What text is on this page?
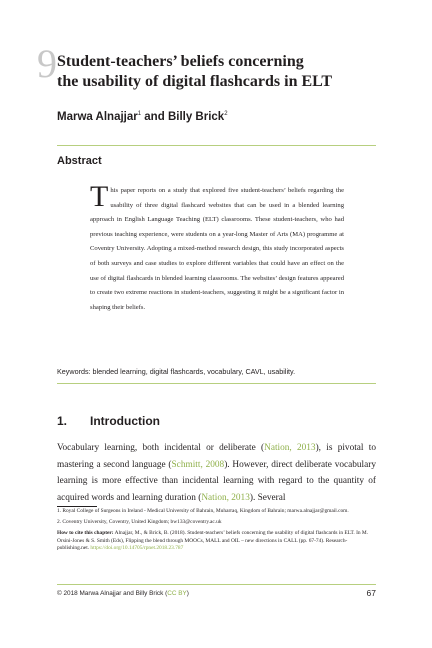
9 Student-teachers’ beliefs concerning
the usability of digital flashcards in ELT
Marwa Alnajjar$^1$ and Billy Brick$^2$
Abstract
This paper reports on a study that explored five student-teachers’ beliefs regarding the usability of three digital flashcard websites that can be used in a blended learning approach in English Language Teaching (ELT) classrooms. These student-teachers, who had previous teaching experience, were students on a year-long Master of Arts (MA) programme at Coventry University. Adopting a mixed-method research design, this study incorporated aspects of both surveys and case studies to explore different variables that could have an effect on the use of digital flashcards in blended learning classrooms. The websites’ design features appeared to create two extreme reactions in student-teachers, suggesting it might be a significant factor in shaping their beliefs.
Keywords: blended learning, digital flashcards, vocabulary, CAVL, usability.
1. Introduction
Vocabulary learning, both incidental or deliberate (Nation, 2013), is pivotal to mastering a second language (Schmitt, 2008). However, direct deliberate vocabulary learning is more effective than incidental learning with regard to the quantity of acquired words and learning duration (Nation, 2013). Several

1. Royal College of Surgeons in Ireland - Medical University of Bahrain, Muharraq, Kingdom of Bahrain; marwa.alnajjar@gmail.com.

2. Coventry University, Coventry, United Kingdom; bw133@coventry.ac.uk

How to cite this chapter: Alnajjar, M., & Brick, B. (2018). Student-teachers’ beliefs concerning the usability of digital flashcards in ELT. In M. Orsini-Jones & S. Smith (Eds), Flipping the blend through MOOCs, MALL and OIL – new directions in CALL (pp. 67-74). Research-publishing.net. https://doi.org/10.14705/rpnet.2018.23.787

© 2018 Marwa Alnajjar and Billy Brick (CC BY)	67
